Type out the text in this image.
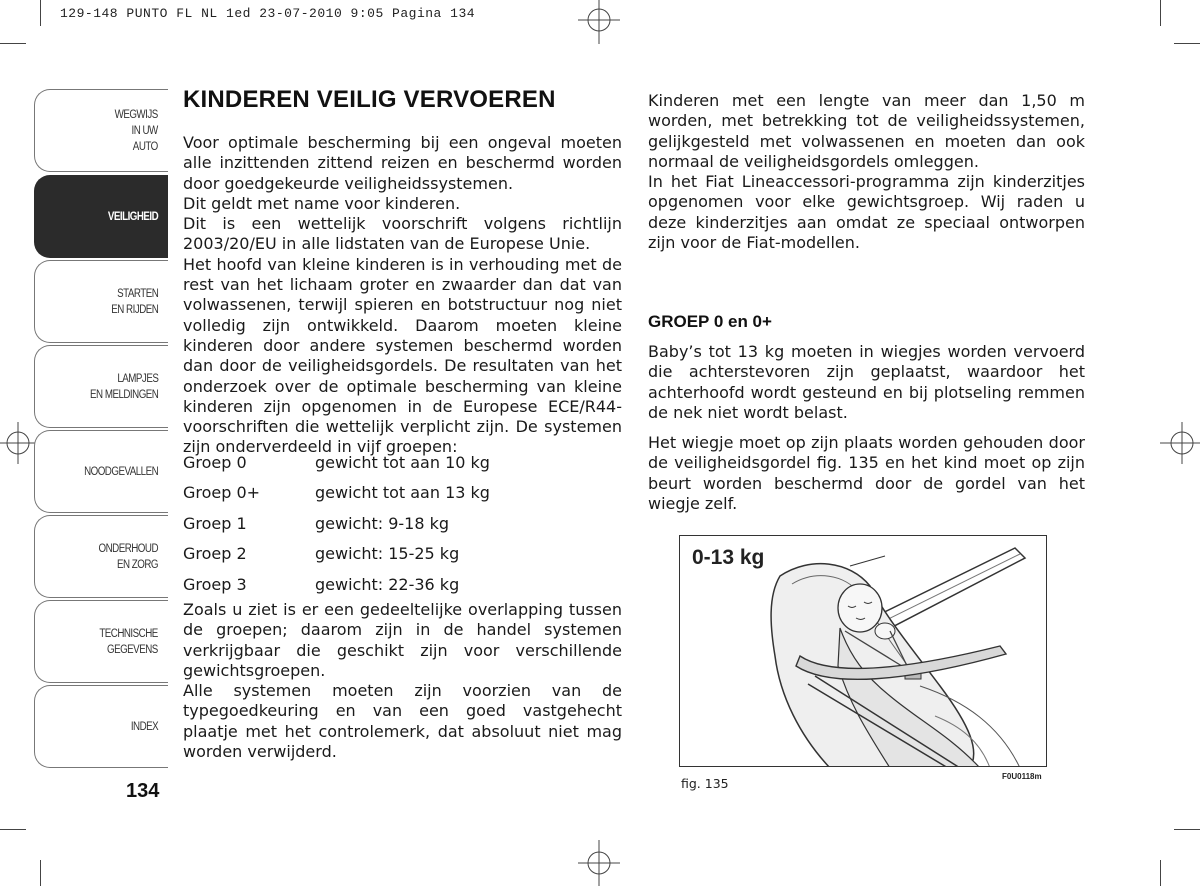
129-148 PUNTO FL NL 1ed 23-07-2010 9:05 Pagina 134
WEGWIJS
IN UW
AUTO
VEILIGHEID
STARTEN
EN RIJDEN
LAMPJES
EN MELDINGEN
NOODGEVALLEN
ONDERHOUD
EN ZORG
TECHNISCHE
GEGEVENS
INDEX
134
KINDEREN VEILIG VERVOEREN

Voor optimale bescherming bij een ongeval moeten alle inzittenden zittend reizen en beschermd worden door goedgekeurde veiligheidssystemen.

Dit geldt met name voor kinderen.

Dit is een wettelijk voorschrift volgens richtlijn 2003/20/EU in alle lidstaten van de Europese Unie.

Het hoofd van kleine kinderen is in verhouding met de rest van het lichaam groter en zwaarder dan dat van volwassenen, terwijl spieren en botstructuur nog niet volledig zijn ontwikkeld. Daarom moeten kleine kinderen door andere systemen beschermd worden dan door de veiligheidsgordels. De resultaten van het onderzoek over de optimale bescherming van kleine kinderen zijn opgenomen in de Europese ECE/R44-voorschriften die wettelijk verplicht zijn. De systemen zijn onderverdeeld in vijf groepen:

Groep 0	gewicht tot aan 10 kg
Groep 0+	gewicht tot aan 13 kg
Groep 1	gewicht: 9-18 kg
Groep 2	gewicht: 15-25 kg
Groep 3	gewicht: 22-36 kg

Zoals u ziet is er een gedeeltelijke overlapping tussen de groepen; daarom zijn in de handel systemen verkrijgbaar die geschikt zijn voor verschillende gewichtsgroepen.

Alle systemen moeten zijn voorzien van de typegoedkeuring en van een goed vastgehecht plaatje met het controlemerk, dat absoluut niet mag worden verwijderd.

Kinderen met een lengte van meer dan 1,50 m worden, met betrekking tot de veiligheidssystemen, gelijkgesteld met volwassenen en moeten dan ook normaal de veiligheidsgordels omleggen.

In het Fiat Lineaccessori-programma zijn kinderzitjes opgenomen voor elke gewichtsgroep. Wij raden u deze kinderzitjes aan omdat ze speciaal ontworpen zijn voor de Fiat-modellen.

GROEP 0 en 0+

Baby’s tot 13 kg moeten in wiegjes worden vervoerd die achterstevoren zijn geplaatst, waardoor het achterhoofd wordt gesteund en bij plotseling remmen de nek niet wordt belast.

Het wiegje moet op zijn plaats worden gehouden door de veiligheidsgordel fig. 135 en het kind moet op zijn beurt worden beschermd door de gordel van het wiegje zelf.

0-13 kg
fig. 135	F0U0118m
